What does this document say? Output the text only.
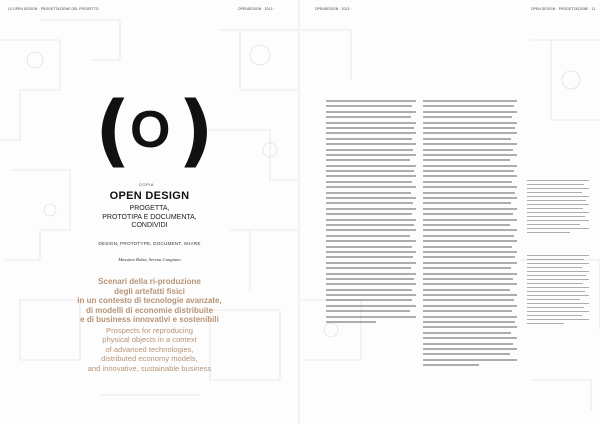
10 OPEN DESIGN · PROGETTAZIONE DEL PROGETTO	OPENDESIGN · 2013 ·
( O )
COPIA
OPEN DESIGN
PROGETTA,
PROTOTIPA E DOCUMENTA,
CONDIVIDI
DESIGN, PROTOTYPE, DOCUMENT, SHARE
Massimo Bolza, Serena Cangiano
Scenari della ri-produzione
degli artefatti fisici
in un contesto di tecnologie avanzate,
di modelli di economie distribuite
e di business innovativi e sostenibili
Prospects for reproducing
physical objects in a context
of advanced technologies,
distributed economy models,
and innovative, sustainable business
OPENDESIGN · 2013 ·	OPEN DESIGN · PROGETTAZIONE · 11
